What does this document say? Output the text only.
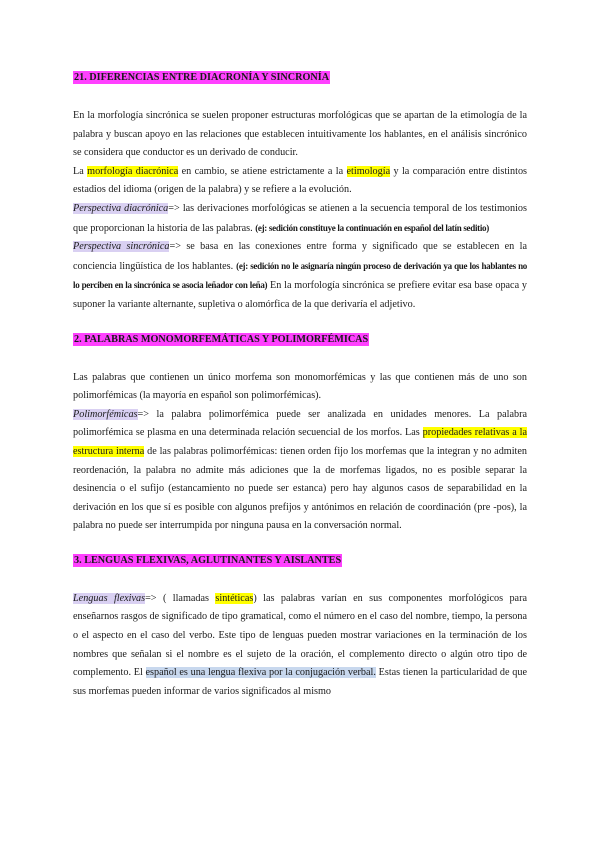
21. DIFERENCIAS ENTRE DIACRONÍA Y SINCRONÍA

En la morfología sincrónica se suelen proponer estructuras morfológicas que se apartan de la etimología de la palabra y buscan apoyo en las relaciones que establecen intuitivamente los hablantes, en el análisis sincrónico se considera que conductor es un derivado de conducir.

La morfología diacrónica en cambio, se atiene estrictamente a la etimología y la comparación entre distintos estadios del idioma (origen de la palabra) y se refiere a la evolución.

Perspectiva diacrónica=> las derivaciones morfológicas se atienen a la secuencia temporal de los testimonios que proporcionan la historia de las palabras. (ej: sedición constituye la continuación en español del latín seditio)

Perspectiva sincrónica=> se basa en las conexiones entre forma y significado que se establecen en la conciencia lingüística de los hablantes. (ej: sedición no le asignaría ningún proceso de derivación ya que los hablantes no lo perciben en la sincrónica se asocia leñador con leña) En la morfología sincrónica se prefiere evitar esa base opaca y suponer la variante alternante, supletiva o alomórfica de la que derivaría el adjetivo.

2. PALABRAS MONOMORFEMÁTICAS Y POLIMORFÉMICAS

Las palabras que contienen un único morfema son monomorfémicas y las que contienen más de uno son polimorfémicas (la mayoría en español son polimorfémicas).

Polimorfémicas=> la palabra polimorfémica puede ser analizada en unidades menores. La palabra polimorfémica se plasma en una determinada relación secuencial de los morfos. Las propiedades relativas a la estructura interna de las palabras polimorfémicas: tienen orden fijo los morfemas que la integran y no admiten reordenación, la palabra no admite más adiciones que la de morfemas ligados, no es posible separar la desinencia o el sufijo (estancamiento no puede ser estanca) pero hay algunos casos de separabilidad en la derivación en los que sí es posible con algunos prefijos y antónimos en relación de coordinación (pre -pos), la palabra no puede ser interrumpida por ninguna pausa en la conversación normal.

3. LENGUAS FLEXIVAS, AGLUTINANTES Y AISLANTES

Lenguas flexivas=> ( llamadas sintéticas) las palabras varían en sus componentes morfológicos para enseñarnos rasgos de significado de tipo gramatical, como el número en el caso del nombre, tiempo, la persona o el aspecto en el caso del verbo. Este tipo de lenguas pueden mostrar variaciones en la terminación de los nombres que señalan si el nombre es el sujeto de la oración, el complemento directo o algún otro tipo de complemento. El español es una lengua flexiva por la conjugación verbal. Estas tienen la particularidad de que sus morfemas pueden informar de varios significados al mismo
